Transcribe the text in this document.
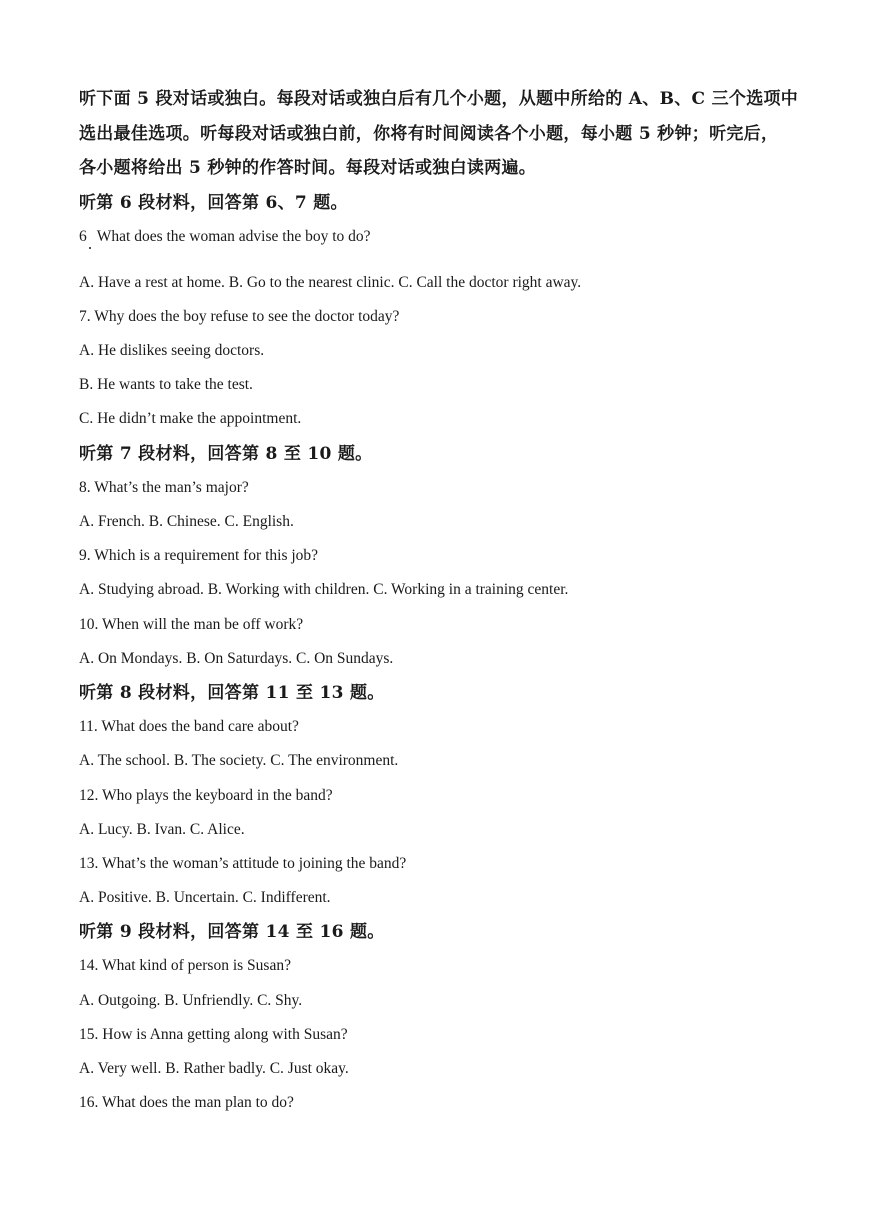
听下面 5 段对话或独白。每段对话或独白后有几个小题，从题中所给的 A、B、C 三个选项中
选出最佳选项。听每段对话或独白前，你将有时间阅读各个小题，每小题 5 秒钟；听完后，
各小题将给出 5 秒钟的作答时间。每段对话或独白读两遍。

听第 6 段材料，回答第 6、7 题。
6 What does the woman advise the boy to do?
A. Have a rest at home. B. Go to the nearest clinic. C. Call the doctor right away.
7. Why does the boy refuse to see the doctor today?
A. He dislikes seeing doctors.
B. He wants to take the test.
C. He didn’t make the appointment.
听第 7 段材料，回答第 8 至 10 题。
8. What’s the man’s major?
A. French. B. Chinese. C. English.
9. Which is a requirement for this job?
A. Studying abroad. B. Working with children. C. Working in a training center.
10. When will the man be off work?
A. On Mondays. B. On Saturdays. C. On Sundays.
听第 8 段材料，回答第 11 至 13 题。
11. What does the band care about?
A. The school. B. The society. C. The environment.
12. Who plays the keyboard in the band?
A. Lucy. B. Ivan. C. Alice.
13. What’s the woman’s attitude to joining the band?
A. Positive. B. Uncertain. C. Indifferent.
听第 9 段材料，回答第 14 至 16 题。
14. What kind of person is Susan?
A. Outgoing. B. Unfriendly. C. Shy.
15. How is Anna getting along with Susan?
A. Very well. B. Rather badly. C. Just okay.
16. What does the man plan to do?
